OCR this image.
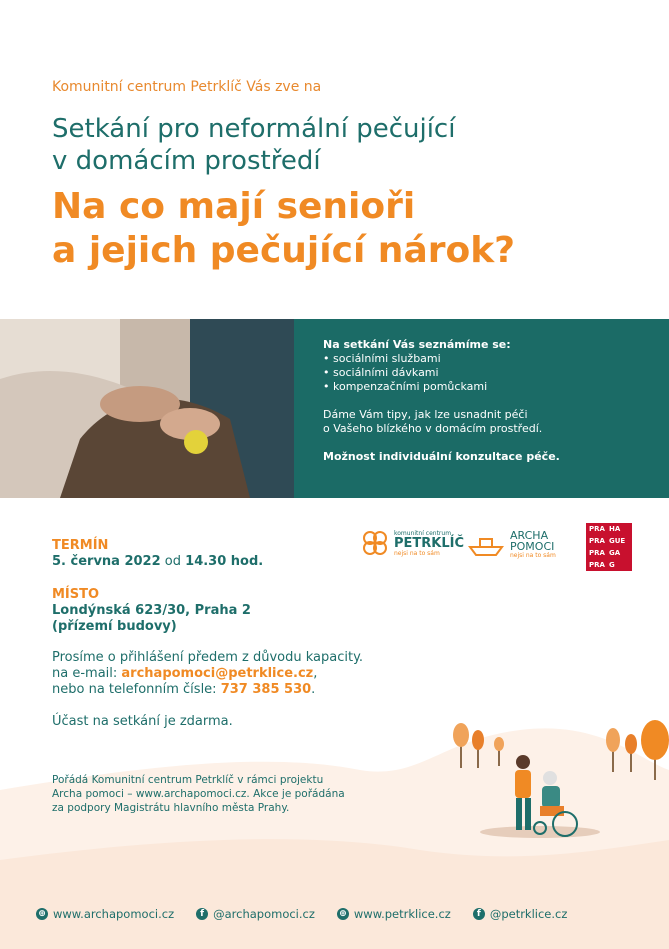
Komunitní centrum Petrklíč Vás zve na
Setkání pro neformální pečující
v domácím prostředí
Na co mají senioři
a jejich pečující nárok?
Na setkání Vás seznámíme se:
• sociálními službami
• sociálními dávkami
• kompenzačními pomůckami
Dáme Vám tipy, jak lze usnadnit péči
o Vašeho blízkého v domácím prostředí.
Možnost individuální konzultace péče.
TERMÍN
5. června 2022 od 14.30 hod.
MÍSTO
Londýnská 623/30, Praha 2
(přízemí budovy)
Prosíme o přihlášení předem z důvodu kapacity.
na e-mail: archapomoci@petrklice.cz,
nebo na telefonním čísle: 737 385 530.
Účast na setkání je zdarma.
komunitní centrum
PETRKLÍČ
nejsi na to sám
ARCHA
POMOCI
nejsi na to sám
PRA HA
PRA GUE
PRA GA
PRA G
Pořádá Komunitní centrum Petrklíč v rámci projektu
Archa pomoci – www.archapomoci.cz. Akce je pořádána
za podpory Magistrátu hlavního města Prahy.
⊕ www.archapomoci.cz	f @archapomoci.cz	⊕ www.petrklice.cz	f @petrklice.cz
